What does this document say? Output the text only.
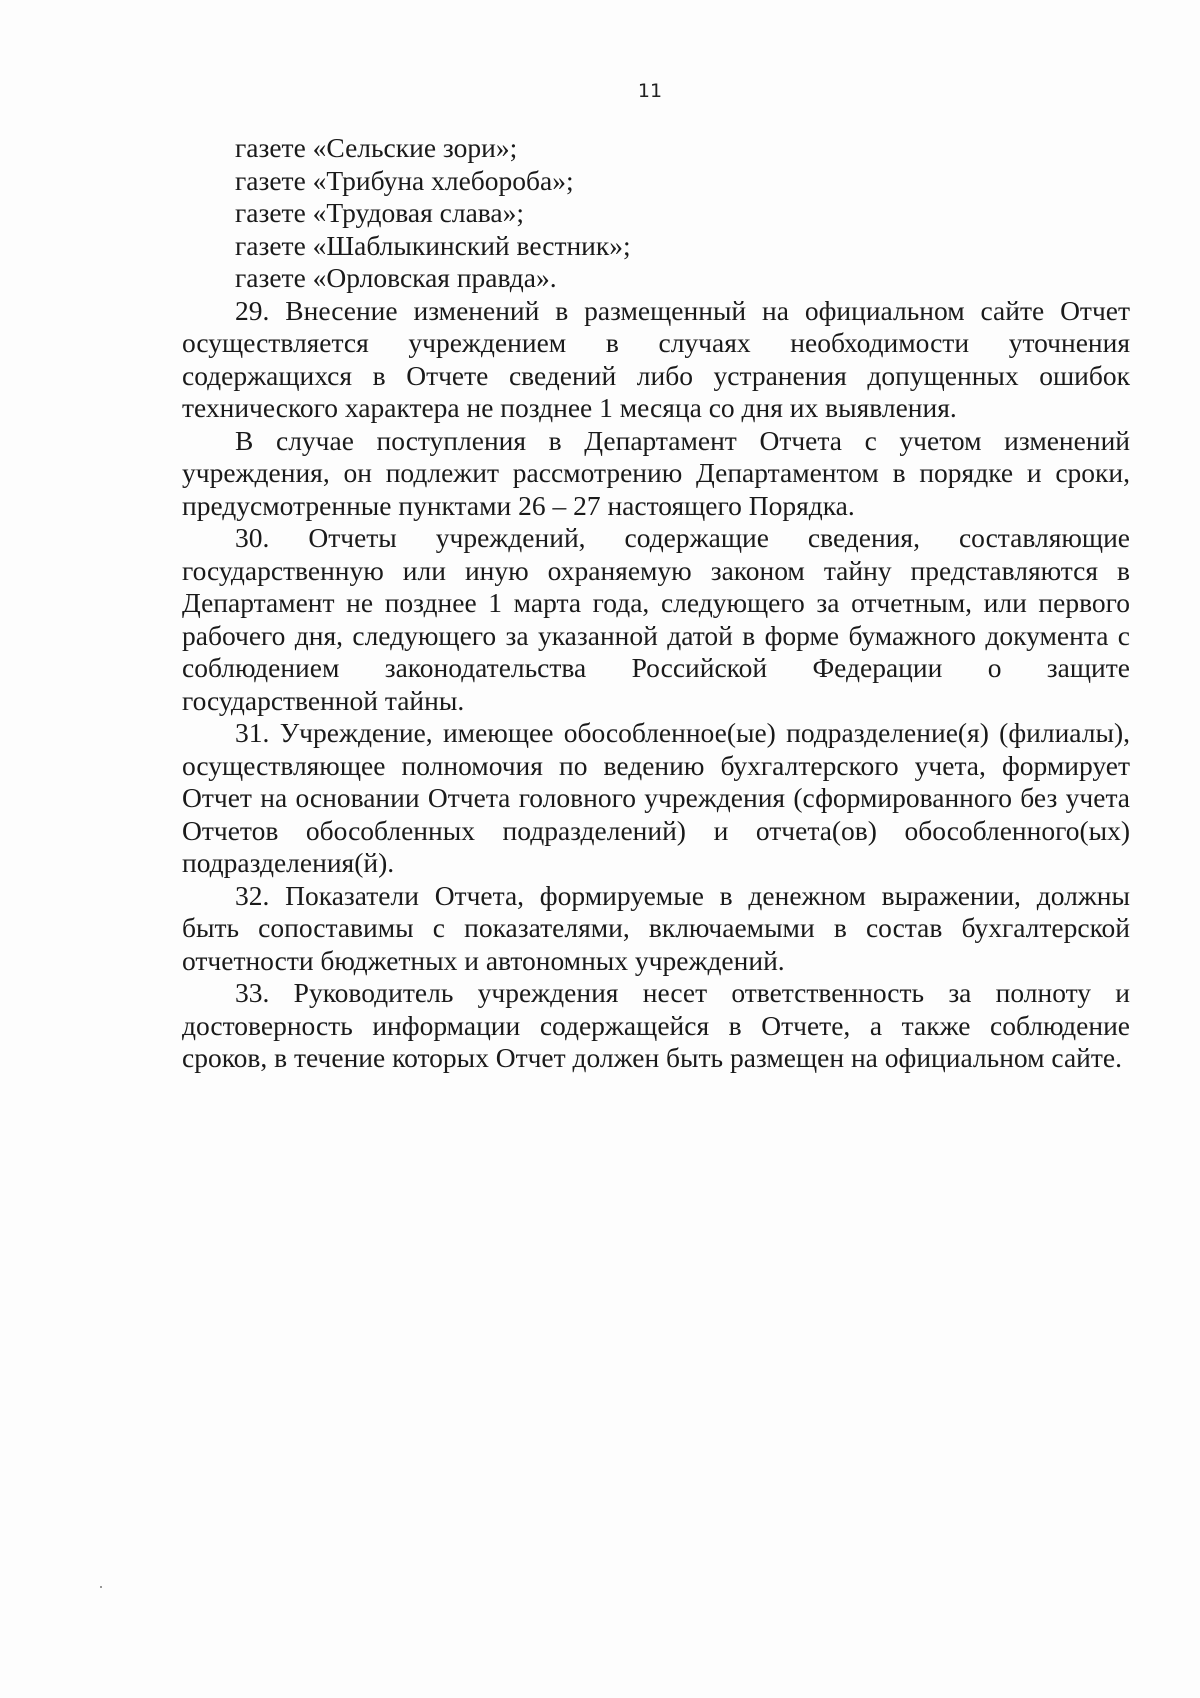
11
газете «Сельские зори»;
газете «Трибуна хлебороба»;
газете «Трудовая слава»;
газете «Шаблыкинский вестник»;
газете «Орловская правда».

29. Внесение изменений в размещенный на официальном сайте Отчет осуществляется учреждением в случаях необходимости уточнения содержащихся в Отчете сведений либо устранения допущенных ошибок технического характера не позднее 1 месяца со дня их выявления.

В случае поступления в Департамент Отчета с учетом изменений учреждения, он подлежит рассмотрению Департаментом в порядке и сроки, предусмотренные пунктами 26 – 27 настоящего Порядка.

30. Отчеты учреждений, содержащие сведения, составляющие государственную или иную охраняемую законом тайну представляются в Департамент не позднее 1 марта года, следующего за отчетным, или первого рабочего дня, следующего за указанной датой в форме бумажного документа с соблюдением законодательства Российской Федерации о защите государственной тайны.

31. Учреждение, имеющее обособленное(ые) подразделение(я) (филиалы), осуществляющее полномочия по ведению бухгалтерского учета, формирует Отчет на основании Отчета головного учреждения (сформированного без учета Отчетов обособленных подразделений) и отчета(ов) обособленного(ых) подразделения(й).

32. Показатели Отчета, формируемые в денежном выражении, должны быть сопоставимы с показателями, включаемыми в состав бухгалтерской отчетности бюджетных и автономных учреждений.

33. Руководитель учреждения несет ответственность за полноту и достоверность информации содержащейся в Отчете, а также соблюдение сроков, в течение которых Отчет должен быть размещен на официальном сайте.
